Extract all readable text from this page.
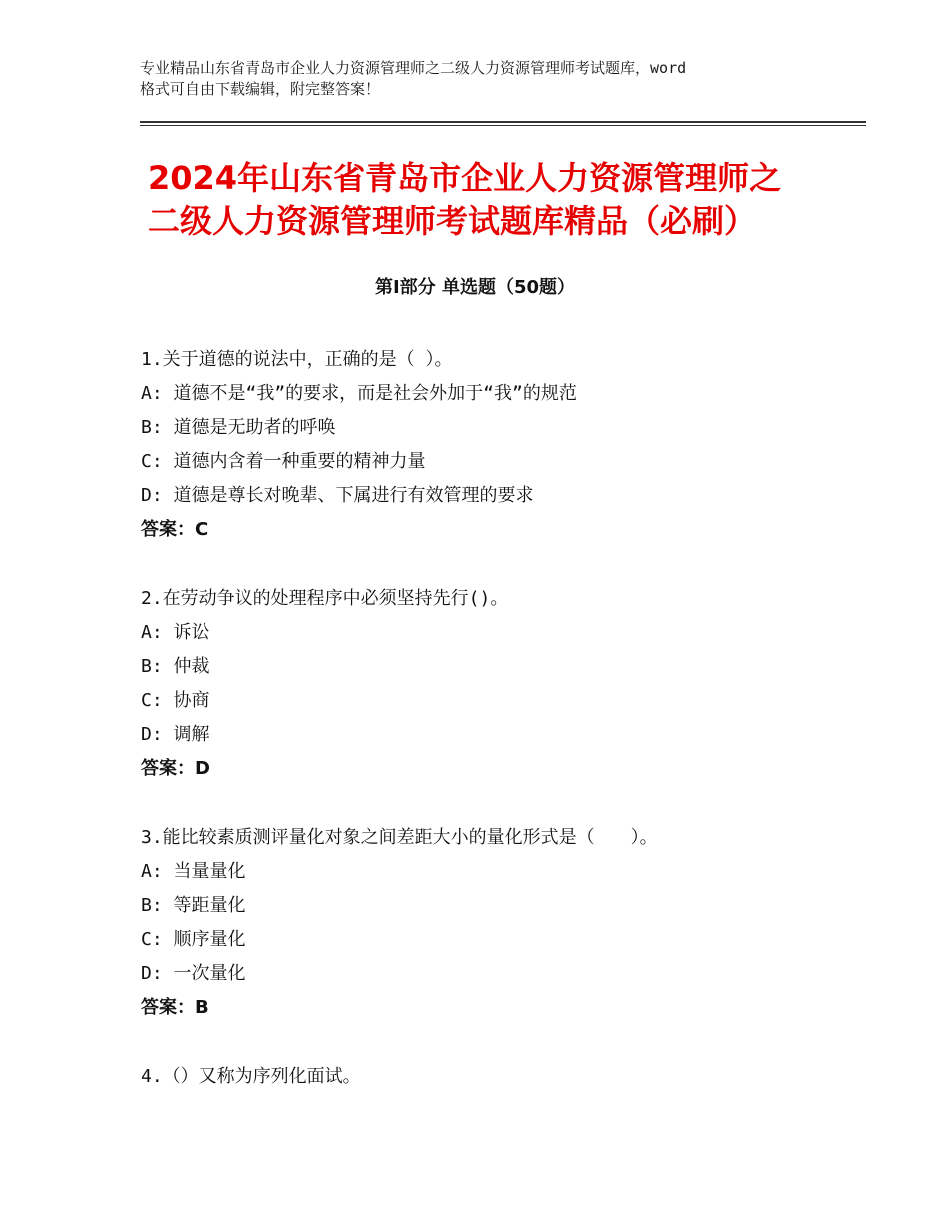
专业精品山东省青岛市企业人力资源管理师之二级人力资源管理师考试题库，word
格式可自由下载编辑，附完整答案！
2024年山东省青岛市企业人力资源管理师之
二级人力资源管理师考试题库精品（必刷）
第Ⅰ部分 单选题（50题）
1.关于道德的说法中，正确的是（ ）。
A: 道德不是“我”的要求，而是社会外加于“我”的规范
B: 道德是无助者的呼唤
C: 道德内含着一种重要的精神力量
D: 道德是尊长对晚辈、下属进行有效管理的要求
答案：C
2.在劳动争议的处理程序中必须坚持先行()。
A: 诉讼
B: 仲裁
C: 协商
D: 调解
答案：D
3.能比较素质测评量化对象之间差距大小的量化形式是（　　）。
A: 当量量化
B: 等距量化
C: 顺序量化
D: 一次量化
答案：B
4.（）又称为序列化面试。
